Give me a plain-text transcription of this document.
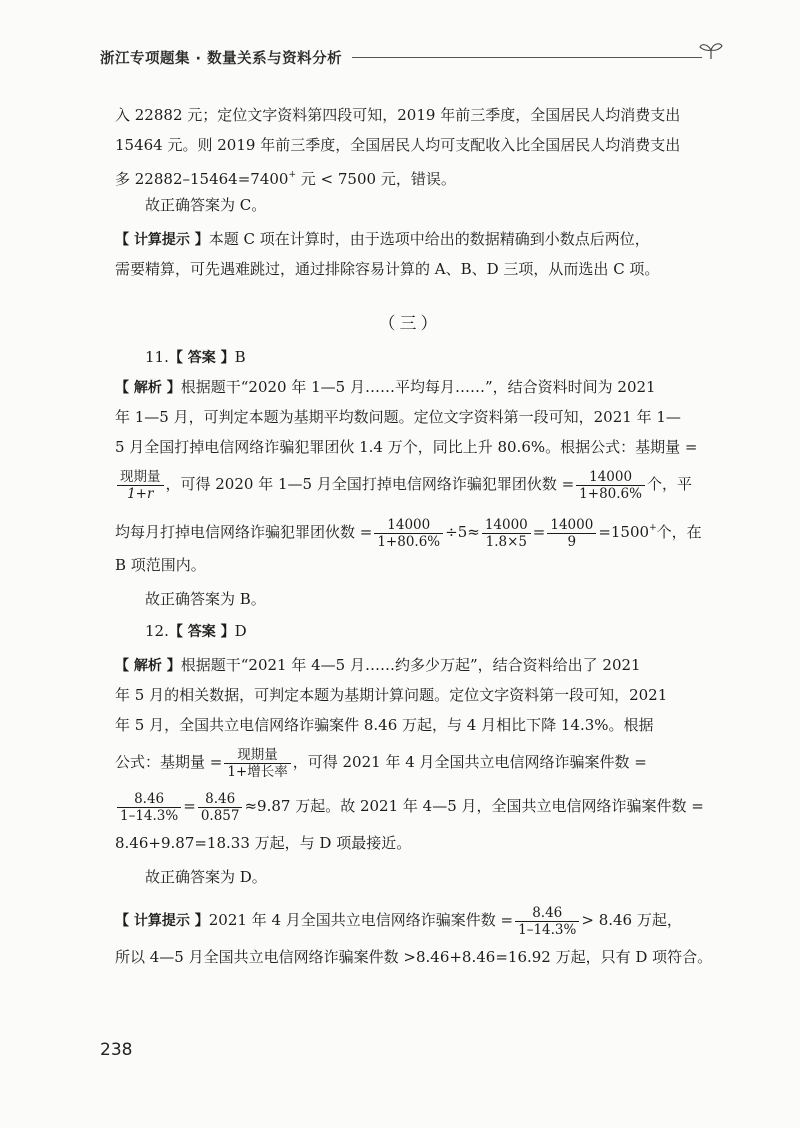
浙江专项题集 · 数量关系与资料分析
入 22882 元；定位文字资料第四段可知，2019 年前三季度，全国居民人均消费支出
15464 元。则 2019 年前三季度，全国居民人均可支配收入比全国居民人均消费支出
多 22882–15464=7400+ 元 < 7500 元，错误。
故正确答案为 C。
【 计算提示 】本题 C 项在计算时，由于选项中给出的数据精确到小数点后两位，
需要精算，可先遇难跳过，通过排除容易计算的 A、B、D 三项，从而选出 C 项。
（三）
11.【 答案 】B
【 解析 】根据题干“2020 年 1—5 月……平均每月……”，结合资料时间为 2021
年 1—5 月，可判定本题为基期平均数问题。定位文字资料第一段可知，2021 年 1—
5 月全国打掉电信网络诈骗犯罪团伙 1.4 万个，同比上升 80.6%。根据公式：基期量 =
$\frac{\text{现期量}}{1+r}$ ，可得 2020 年 1—5 月全国打掉电信网络诈骗犯罪团伙数 = $\frac{14000}{1+80.6\%}$ 个，平
均每月打掉电信网络诈骗犯罪团伙数 = $\frac{14000}{1+80.6\%} \div 5\approx \frac{14000}{1.8\times 5} = \frac{14000}{9} =1500^+$个，在
B 项范围内。
故正确答案为 B。
12.【 答案 】D
【 解析 】根据题干“2021 年 4—5 月……约多少万起”，结合资料给出了 2021
年 5 月的相关数据，可判定本题为基期计算问题。定位文字资料第一段可知，2021
年 5 月，全国共立电信网络诈骗案件 8.46 万起，与 4 月相比下降 14.3%。根据
公式：基期量 = $\frac{\text{现期量}}{\text{1+增长率}}$ ，可得 2021 年 4 月全国共立电信网络诈骗案件数 =
$\frac{8.46}{1-14.3\%} = \frac{8.46}{0.857} \approx 9.87$ 万起。故 2021 年 4—5 月，全国共立电信网络诈骗案件数 =
8.46+9.87=18.33 万起，与 D 项最接近。
故正确答案为 D。
【 计算提示 】2021 年 4 月全国共立电信网络诈骗案件数 = $\frac{8.46}{1-14.3\%} > 8.46$ 万起，
所以 4—5 月全国共立电信网络诈骗案件数 >8.46+8.46=16.92 万起，只有 D 项符合。
238
